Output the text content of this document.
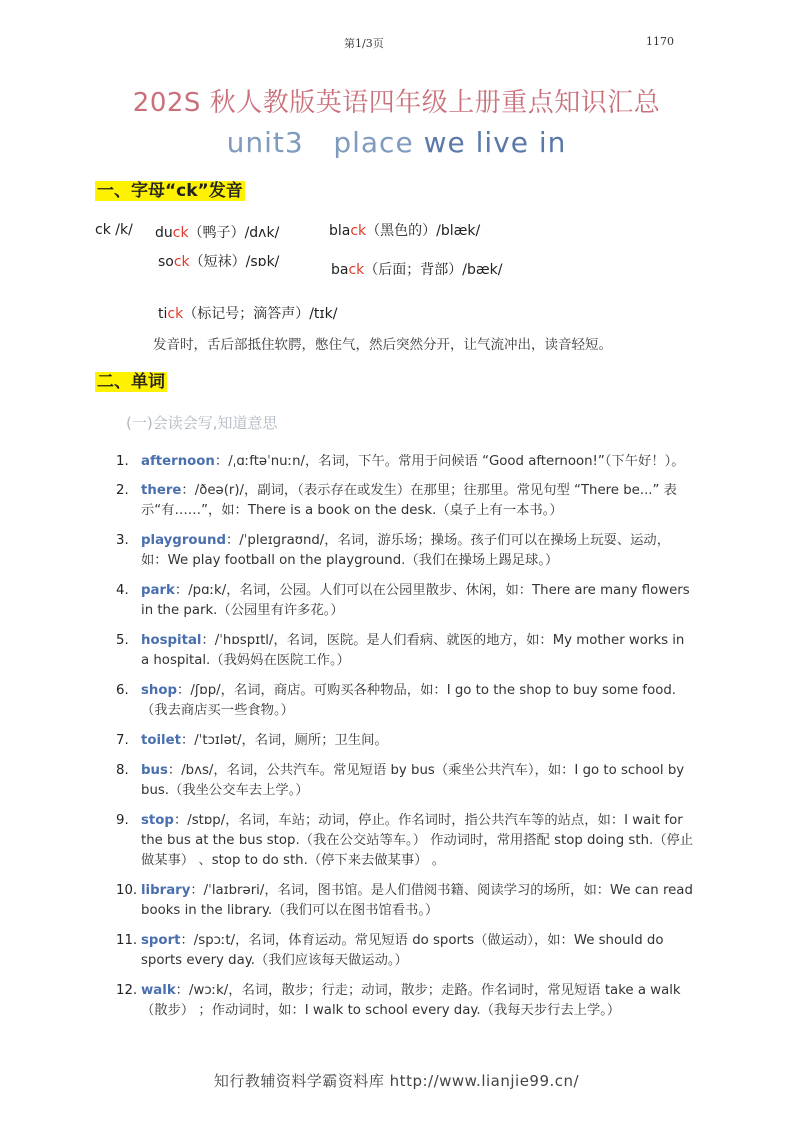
第1/3页	1170
202S 秋人教版英语四年级上册重点知识汇总
unit3   place we live in
一、字母“ck”发音
ck /k/ duck（鸭子）/dʌk/	black（黑色的）/blæk/
sock（短袜）/sɒk/	back（后面；背部）/bæk/
tick（标记号；滴答声）/tɪk/
发音时，舌后部抵住软腭，憋住气，然后突然分开，让气流冲出，读音轻短。
二、单词
(一)会读会写,知道意思
1. afternoon：/ˌɑːftəˈnuːn/，名词，下午。常用于问候语 “Good afternoon!”（下午好！）。
2. there：/ðeə(r)/，副词，（表示存在或发生）在那里；往那里。常见句型 “There be...” 表示“有……”，如：There is a book on the desk.（桌子上有一本书。）
3. playground：/ˈpleɪɡraʊnd/，名词，游乐场；操场。孩子们可以在操场上玩耍、运动，如：We play football on the playground.（我们在操场上踢足球。）
4. park：/pɑːk/，名词，公园。人们可以在公园里散步、休闲，如：There are many flowers in the park.（公园里有许多花。）
5. hospital：/ˈhɒspɪtl/，名词，医院。是人们看病、就医的地方，如：My mother works in a hospital.（我妈妈在医院工作。）
6. shop：/ʃɒp/，名词，商店。可购买各种物品，如：I go to the shop to buy some food.（我去商店买一些食物。）
7. toilet：/ˈtɔɪlət/，名词，厕所；卫生间。
8. bus：/bʌs/，名词，公共汽车。常见短语 by bus（乘坐公共汽车），如：I go to school by bus.（我坐公交车去上学。）
9. stop：/stɒp/，名词，车站；动词，停止。作名词时，指公共汽车等的站点，如：I wait for the bus at the bus stop.（我在公交站等车。） 作动词时，常用搭配 stop doing sth.（停止做某事） 、stop to do sth.（停下来去做某事） 。
10. library：/ˈlaɪbrəri/，名词，图书馆。是人们借阅书籍、阅读学习的场所，如：We can read books in the library.（我们可以在图书馆看书。）
11. sport：/spɔːt/，名词，体育运动。常见短语 do sports（做运动），如：We should do sports every day.（我们应该每天做运动。）
12. walk：/wɔːk/，名词，散步；行走；动词，散步；走路。作名词时，常见短语 take a walk（散步） ；作动词时，如：I walk to school every day.（我每天步行去上学。）
知行教辅资料学霸资料库 http://www.lianjie99.cn/
